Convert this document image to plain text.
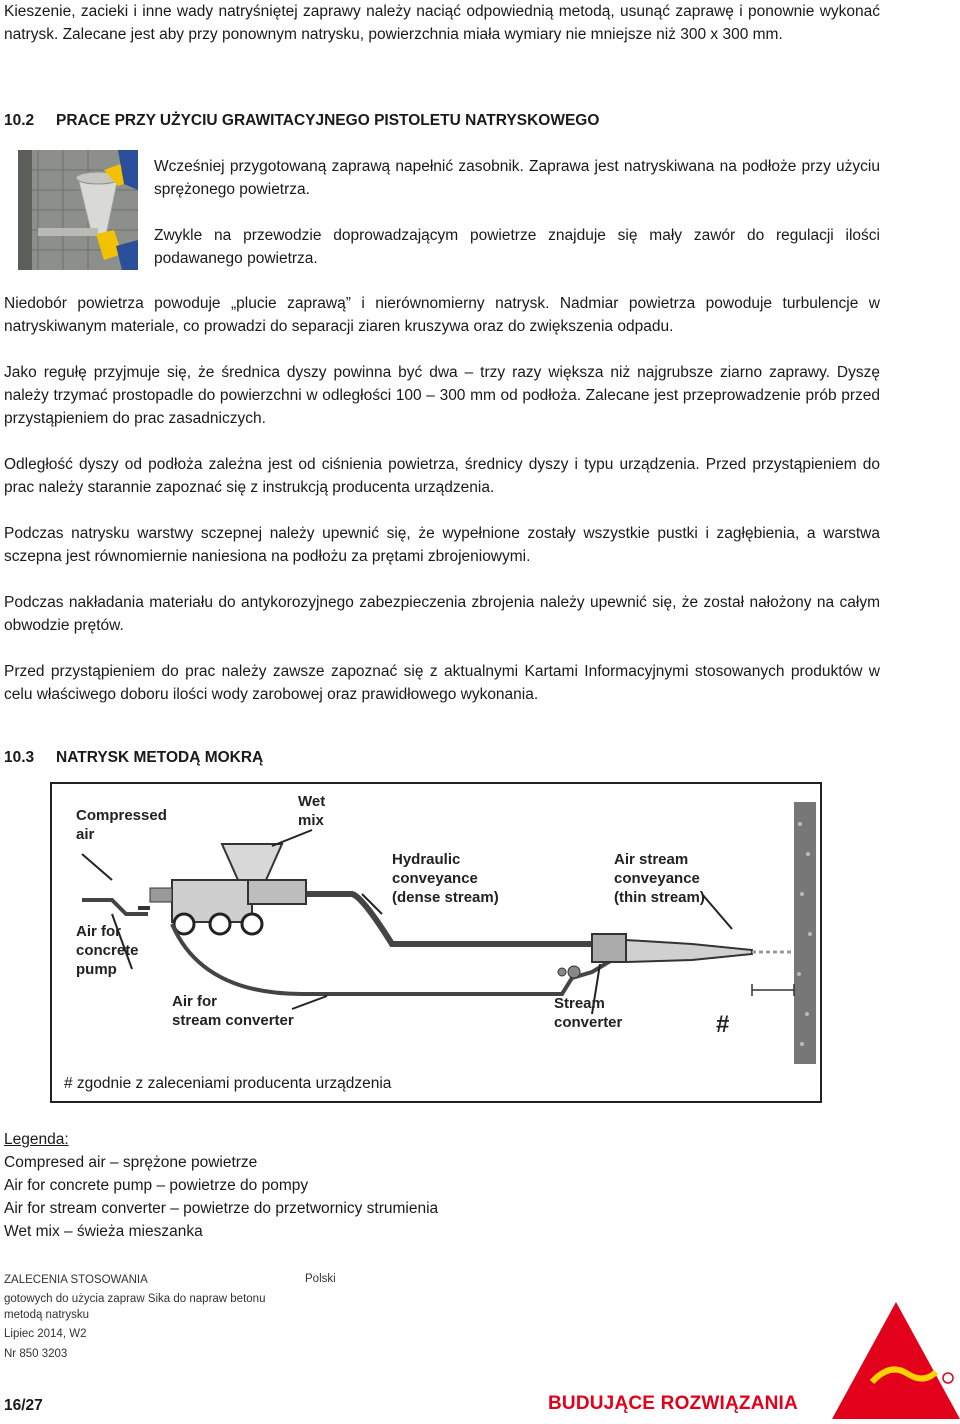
Kieszenie, zacieki i inne wady natryśniętej zaprawy należy naciąć odpowiednią metodą, usunąć zaprawę i ponownie wykonać natrysk. Zalecane jest aby przy ponownym natrysku, powierzchnia miała wymiary nie mniejsze niż 300 x 300 mm.

10.2 PRACE PRZY UŻYCIU GRAWITACYJNEGO PISTOLETU NATRYSKOWEGO

Wcześniej przygotowaną zaprawą napełnić zasobnik. Zaprawa jest natryskiwana na podłoże przy użyciu sprężonego powietrza.

Zwykle na przewodzie doprowadzającym powietrze znajduje się mały zawór do regulacji ilości podawanego powietrza.

Niedobór powietrza powoduje „plucie zaprawą” i nierównomierny natrysk. Nadmiar powietrza powoduje turbulencje w natryskiwanym materiale, co prowadzi do separacji ziaren kruszywa oraz do zwiększenia odpadu.

Jako regułę przyjmuje się, że średnica dyszy powinna być dwa – trzy razy większa niż najgrubsze ziarno zaprawy. Dyszę należy trzymać prostopadle do powierzchni w odległości 100 – 300 mm od podłoża. Zalecane jest przeprowadzenie prób przed przystąpieniem do prac zasadniczych.

Odległość dyszy od podłoża zależna jest od ciśnienia powietrza, średnicy dyszy i typu urządzenia. Przed przystąpieniem do prac należy starannie zapoznać się z instrukcją producenta urządzenia.

Podczas natrysku warstwy sczepnej należy upewnić się, że wypełnione zostały wszystkie pustki i zagłębienia, a warstwa sczepna jest równomiernie naniesiona na podłożu za prętami zbrojeniowymi.

Podczas nakładania materiału do antykorozyjnego zabezpieczenia zbrojenia należy upewnić się, że został nałożony na całym obwodzie prętów.

Przed przystąpieniem do prac należy zawsze zapoznać się z aktualnymi Kartami Informacyjnymi stosowanych produktów w celu właściwego doboru ilości wody zarobowej oraz prawidłowego wykonania.

10.3 NATRYSK METODĄ MOKRĄ
Compressed
air
Wet
mix
Hydraulic
conveyance
(dense stream)
Air stream
conveyance
(thin stream)
Air for
concrete
pump
Air for
stream converter
Stream
converter	#
# zgodnie z zaleceniami producenta urządzenia
Legenda:
Compresed air – sprężone powietrze
Air for concrete pump – powietrze do pompy
Air for stream converter – powietrze do przetwornicy strumienia
Wet mix – świeża mieszanka
ZALECENIA STOSOWANIA	Polski
gotowych do użycia zapraw Sika do napraw betonu
metodą natrysku
Lipiec 2014, W2
Nr 850 3203
16/27	BUDUJĄCE ROZWIĄZANIA
